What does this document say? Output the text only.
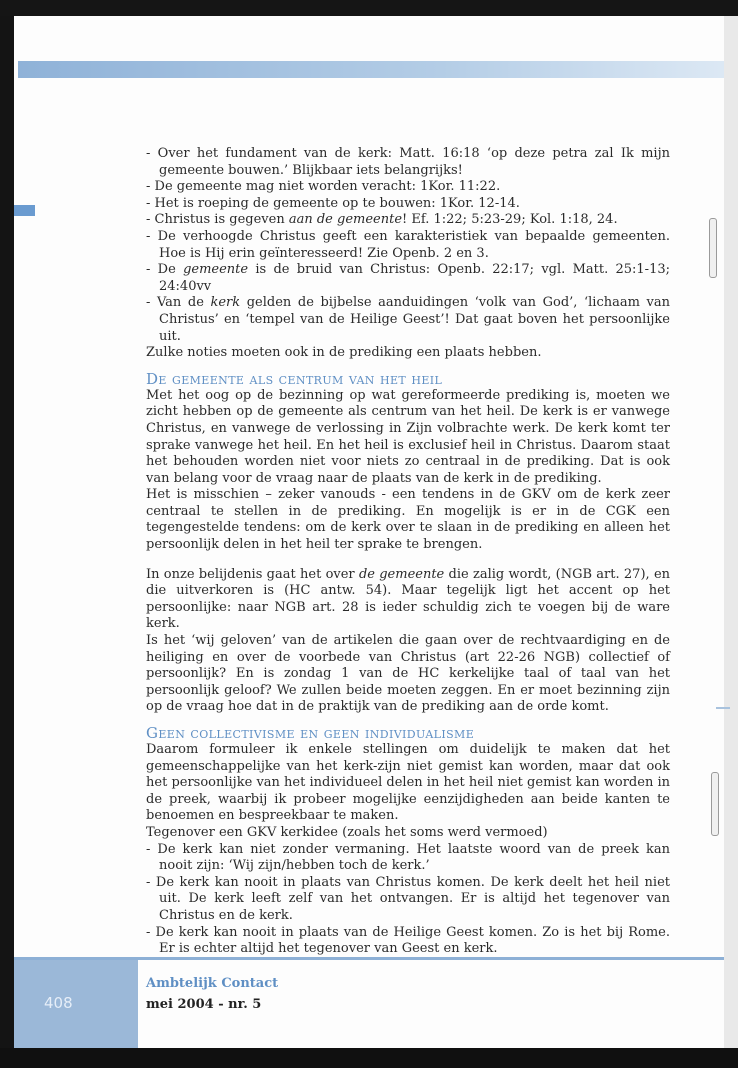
- Over het fundament van de kerk: Matt. 16:18 ‘op deze petra zal Ik mijn gemeente bouwen.’ Blijkbaar iets belangrijks!

- De gemeente mag niet worden veracht: 1Kor. 11:22.

- Het is roeping de gemeente op te bouwen: 1Kor. 12-14.

- Christus is gegeven aan de gemeente! Ef. 1:22; 5:23-29; Kol. 1:18, 24.

- De verhoogde Christus geeft een karakteristiek van bepaalde gemeenten. Hoe is Hij erin geïnteresseerd! Zie Openb. 2 en 3.

- De gemeente is de bruid van Christus: Openb. 22:17; vgl. Matt. 25:1-13; 24:40vv

- Van de kerk gelden de bijbelse aanduidingen ‘volk van God’, ‘lichaam van Christus’ en ‘tempel van de Heilige Geest’! Dat gaat boven het persoonlijke uit.

Zulke noties moeten ook in de prediking een plaats hebben.

De gemeente als centrum van het heil

Met het oog op de bezinning op wat gereformeerde prediking is, moeten we zicht hebben op de gemeente als centrum van het heil. De kerk is er vanwege Christus, en vanwege de verlossing in Zijn volbrachte werk. De kerk komt ter sprake vanwege het heil. En het heil is exclusief heil in Christus. Daarom staat het behouden worden niet voor niets zo centraal in de prediking. Dat is ook van belang voor de vraag naar de plaats van de kerk in de prediking.

Het is misschien – zeker vanouds - een tendens in de GKV om de kerk zeer centraal te stellen in de prediking. En mogelijk is er in de CGK een tegengestelde tendens: om de kerk over te slaan in de prediking en alleen het persoonlijk delen in het heil ter sprake te brengen.

In onze belijdenis gaat het over de gemeente die zalig wordt, (NGB art. 27), en die uitverkoren is (HC antw. 54). Maar tegelijk ligt het accent op het persoonlijke: naar NGB art. 28 is ieder schuldig zich te voegen bij de ware kerk.

Is het ‘wij geloven’ van de artikelen die gaan over de rechtvaardiging en de heiliging en over de voorbede van Christus (art 22-26 NGB) collectief of persoonlijk? En is zondag 1 van de HC kerkelijke taal of taal van het persoonlijk geloof? We zullen beide moeten zeggen. En er moet bezinning zijn op de vraag hoe dat in de praktijk van de prediking aan de orde komt.

Geen collectivisme en geen individualisme

Daarom formuleer ik enkele stellingen om duidelijk te maken dat het gemeenschappelijke van het kerk-zijn niet gemist kan worden, maar dat ook het persoonlijke van het individueel delen in het heil niet gemist kan worden in de preek, waarbij ik probeer mogelijke eenzijdigheden aan beide kanten te benoemen en bespreekbaar te maken.

Tegenover een GKV kerkidee (zoals het soms werd vermoed)

- De kerk kan niet zonder vermaning. Het laatste woord van de preek kan nooit zijn: ‘Wij zijn/hebben toch de kerk.’

- De kerk kan nooit in plaats van Christus komen. De kerk deelt het heil niet uit. De kerk leeft zelf van het ontvangen. Er is altijd het tegenover van Christus en de kerk.

- De kerk kan nooit in plaats van de Heilige Geest komen. Zo is het bij Rome. Er is echter altijd het tegenover van Geest en kerk.

408
Ambtelijk Contact
mei 2004 - nr. 5
